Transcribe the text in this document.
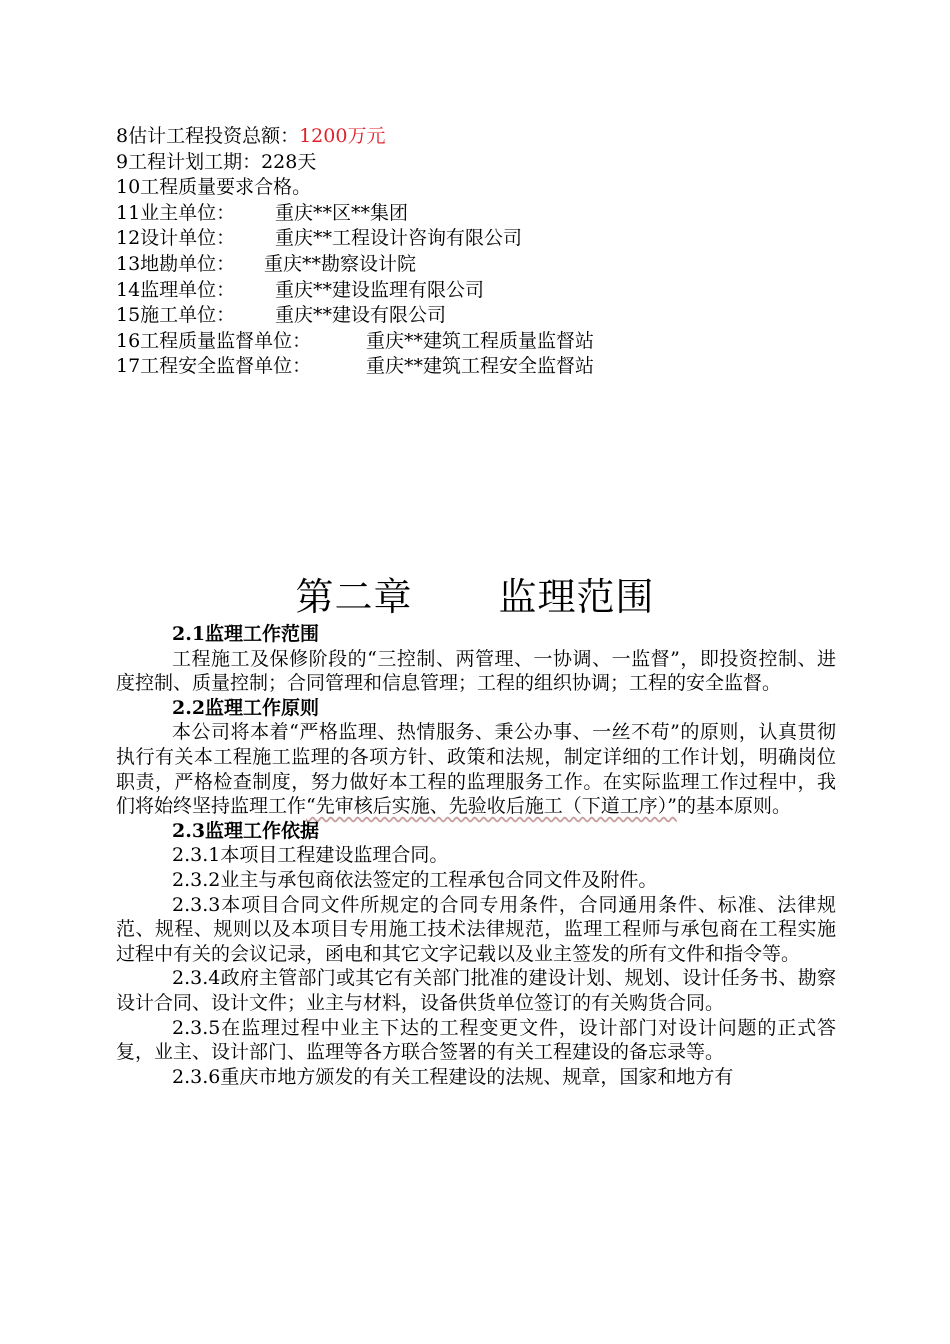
8估计工程投资总额： 1200万元
9工程计划工期： 228天
10工程质量要求合格。
11业主单位：	重庆**区**集团
12设计单位：	重庆**工程设计咨询有限公司
13地勘单位：	重庆**勘察设计院
14监理单位：	重庆**建设监理有限公司
15施工单位：	重庆**建设有限公司
16工程质量监督单位：	重庆**建筑工程质量监督站
17工程安全监督单位：	重庆**建筑工程安全监督站
第二章 监理范围
2.1监理工作范围

工程施工及保修阶段的“三控制、两管理、一协调、一监督”，即投资控制、进度控制、质量控制；合同管理和信息管理；工程的组织协调；工程的安全监督。

2.2监理工作原则

本公司将本着“严格监理、热情服务、秉公办事、一丝不苟”的原则，认真贯彻执行有关本工程施工监理的各项方针、政策和法规，制定详细的工作计划，明确岗位职责，严格检查制度，努力做好本工程的监理服务工作。在实际监理工作过程中，我们将始终坚持监理工作“先审核后实施、先验收后施工（下道工序）”的基本原则。

2.3监理工作依据

2.3.1本项目工程建设监理合同。

2.3.2业主与承包商依法签定的工程承包合同文件及附件。

2.3.3本项目合同文件所规定的合同专用条件，合同通用条件、标准、法律规范、规程、规则以及本项目专用施工技术法律规范，监理工程师与承包商在工程实施过程中有关的会议记录，函电和其它文字记载以及业主签发的所有文件和指令等。

2.3.4政府主管部门或其它有关部门批准的建设计划、规划、设计任务书、勘察设计合同、设计文件；业主与材料，设备供货单位签订的有关购货合同。

2.3.5在监理过程中业主下达的工程变更文件，设计部门对设计问题的正式答复，业主、设计部门、监理等各方联合签署的有关工程建设的备忘录等。

2.3.6重庆市地方颁发的有关工程建设的法规、规章，国家和地方有
